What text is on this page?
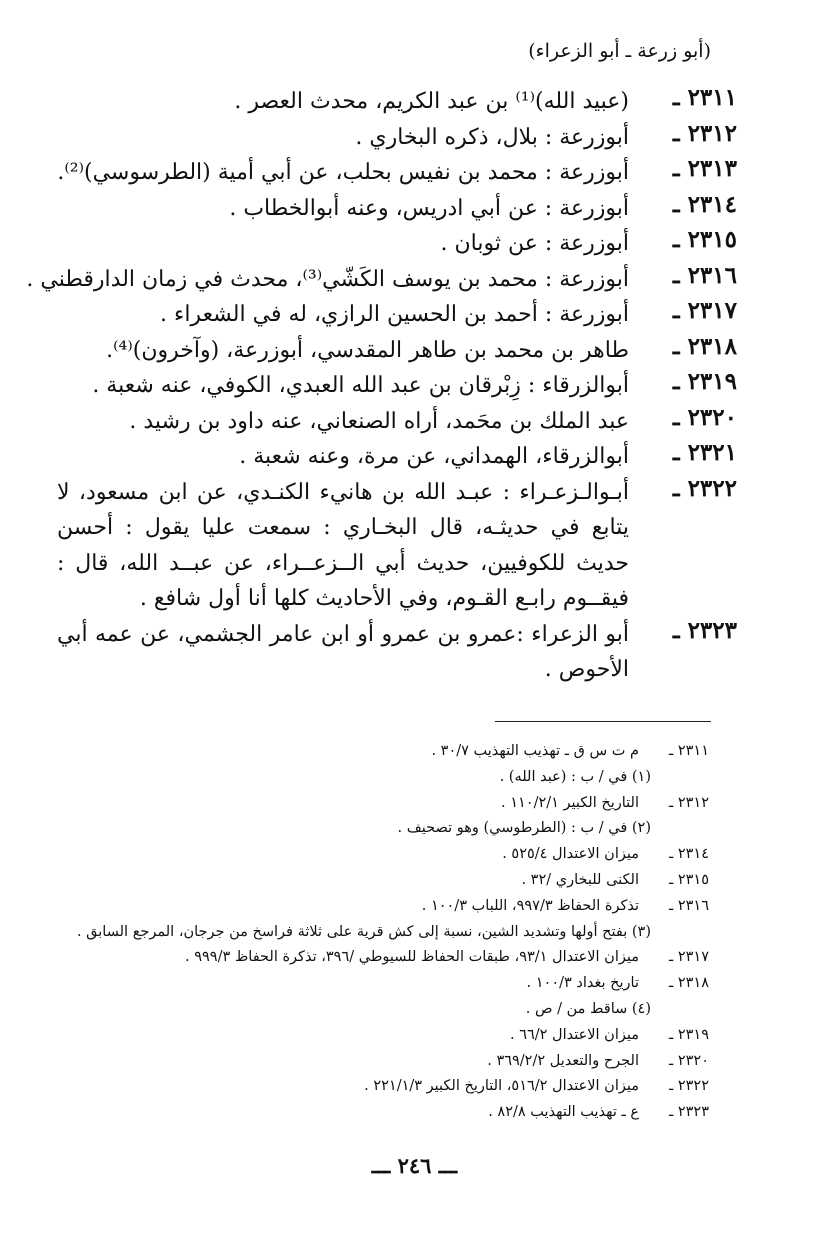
(أبو زرعة ـ أبو الزعراء)
٢٣١١ ـ
(عبيد الله)⁽¹⁾ بن عبد الكريم، محدث العصر .
٢٣١٢ ـ
أبوزرعة : بلال، ذكره البخاري .
٢٣١٣ ـ
أبوزرعة : محمد بن نفيس بحلب، عن أبي أمية (الطرسوسي)⁽²⁾.
٢٣١٤ ـ
أبوزرعة : عن أبي ادريس، وعنه أبوالخطاب .
٢٣١٥ ـ
أبوزرعة : عن ثوبان .
٢٣١٦ ـ
أبوزرعة : محمد بن يوسف الكَشّي⁽³⁾، محدث في زمان الدارقطني .
٢٣١٧ ـ
أبوزرعة : أحمد بن الحسين الرازي، له في الشعراء .
٢٣١٨ ـ
طاهر بن محمد بن طاهر المقدسي، أبوزرعة، (وآخرون)⁽⁴⁾.
٢٣١٩ ـ
أبوالزرقاء : زِبْرقان بن عبد الله العبدي، الكوفي، عنه شعبة .
٢٣٢٠ ـ
عبد الملك بن محَمد، أراه الصنعاني، عنه داود بن رشيد .
٢٣٢١ ـ
أبوالزرقاء، الهمداني، عن مرة، وعنه شعبة .
٢٣٢٢ ـ
أبـوالـزعـراء : عبـد الله بن هانيء الكنـدي، عن ابن مسعود، لا يتابع في حديثـه، قال البخـاري : سمعت عليا يقول : أحسن حديث للكوفيين، حديث أبي الــزعــراء، عن عبــد الله، قال : فيقــوم رابـع القـوم، وفي الأحاديث كلها أنا أول شافع .
٢٣٢٣ ـ
أبو الزعراء :عمرو بن عمرو أو ابن عامر الجشمي، عن عمه أبي الأحوص .
٢٣١١ ـ
م ت س ق ـ تهذيب التهذيب ٣٠/٧ .
(١) في / ب : (عبد الله) .
٢٣١٢ ـ
التاريخ الكبير ١١٠/٢/١ .
(٢) في / ب : (الطرطوسي) وهو تصحيف .
٢٣١٤ ـ
ميزان الاعتدال ٥٢٥/٤ .
٢٣١٥ ـ
الكنى للبخاري /٣٢ .
٢٣١٦ ـ
تذكرة الحفاظ ٩٩٧/٣، اللباب ١٠٠/٣ .
(٣) بفتح أولها وتشديد الشين، نسبة إلى كش قرية على ثلاثة فراسخ من جرجان، المرجع السابق .
٢٣١٧ ـ
ميزان الاعتدال ٩٣/١، طبقات الحفاظ للسيوطي /٣٩٦، تذكرة الحفاظ ٩٩٩/٣ .
٢٣١٨ ـ
تاريخ بغداد ١٠٠/٣ .
(٤) ساقط من / ص .
٢٣١٩ ـ
ميزان الاعتدال ٦٦/٢ .
٢٣٢٠ ـ
الجرح والتعديل ٣٦٩/٢/٢ .
٢٣٢٢ ـ
ميزان الاعتدال ٥١٦/٢، التاريخ الكبير ٢٢١/١/٣ .
٢٣٢٣ ـ
ع ـ تهذيب التهذيب ٨٢/٨ .
ـــ ٢٤٦ ـــ
